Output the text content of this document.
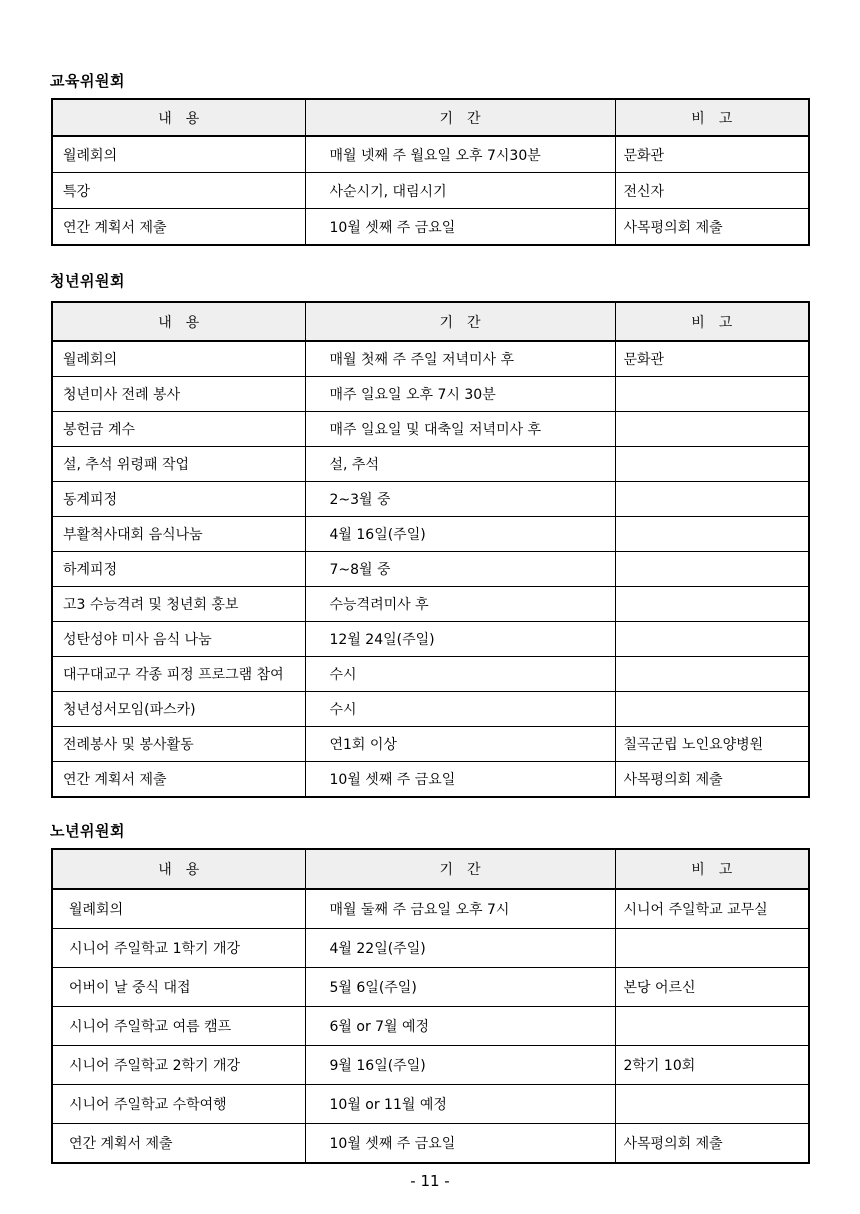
교육위원회
내　용	기　간	비　고
월례회의	매월 넷째 주 월요일 오후 7시30분	문화관
특강	사순시기, 대림시기	전신자
연간 계획서 제출	10월 셋째 주 금요일	사목평의회 제출
청년위원회
내　용	기　간	비　고
월례회의	매월 첫째 주 주일 저녁미사 후	문화관
청년미사 전례 봉사	매주 일요일 오후 7시 30분	
봉헌금 계수	매주 일요일 및 대축일 저녁미사 후	
설, 추석 위령패 작업	설, 추석	
동계피정	2~3월 중	
부활척사대회 음식나눔	4월 16일(주일)	
하계피정	7~8월 중	
고3 수능격려 및 청년회 홍보	수능격려미사 후	
성탄성야 미사 음식 나눔	12월 24일(주일)	
대구대교구 각종 피정 프로그램 참여	수시	
청년성서모임(파스카)	수시	
전례봉사 및 봉사활동	연1회 이상	칠곡군립 노인요양병원
연간 계획서 제출	10월 셋째 주 금요일	사목평의회 제출
노년위원회
내　용	기　간	비　고
월례회의	매월 둘째 주 금요일 오후 7시	시니어 주일학교 교무실
시니어 주일학교 1학기 개강	4월 22일(주일)	
어버이 날 중식 대접	5월 6일(주일)	본당 어르신
시니어 주일학교 여름 캠프	6월 or 7월 예정	
시니어 주일학교 2학기 개강	9월 16일(주일)	2학기 10회
시니어 주일학교 수학여행	10월 or 11월 예정	
연간 계획서 제출	10월 셋째 주 금요일	사목평의회 제출
- 11 -
